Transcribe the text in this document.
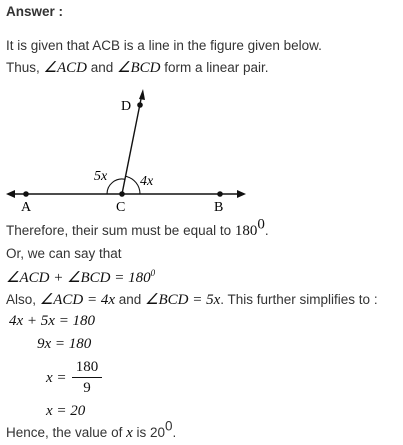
Answer :
It is given that ACB is a line in the figure given below.
Thus, ∠ACD and ∠BCD form a linear pair.
D
A	C	B
5x 4x
Therefore, their sum must be equal to $180^0$.
Or, we can say that
∠ACD + ∠BCD = $180^0$
Also, ∠ACD = 4x and ∠BCD = 5x. This further simplifies to :
4x + 5x = 180
9x = 180
x =
180
9
x = 20
Hence, the value of x is $20^0$.
